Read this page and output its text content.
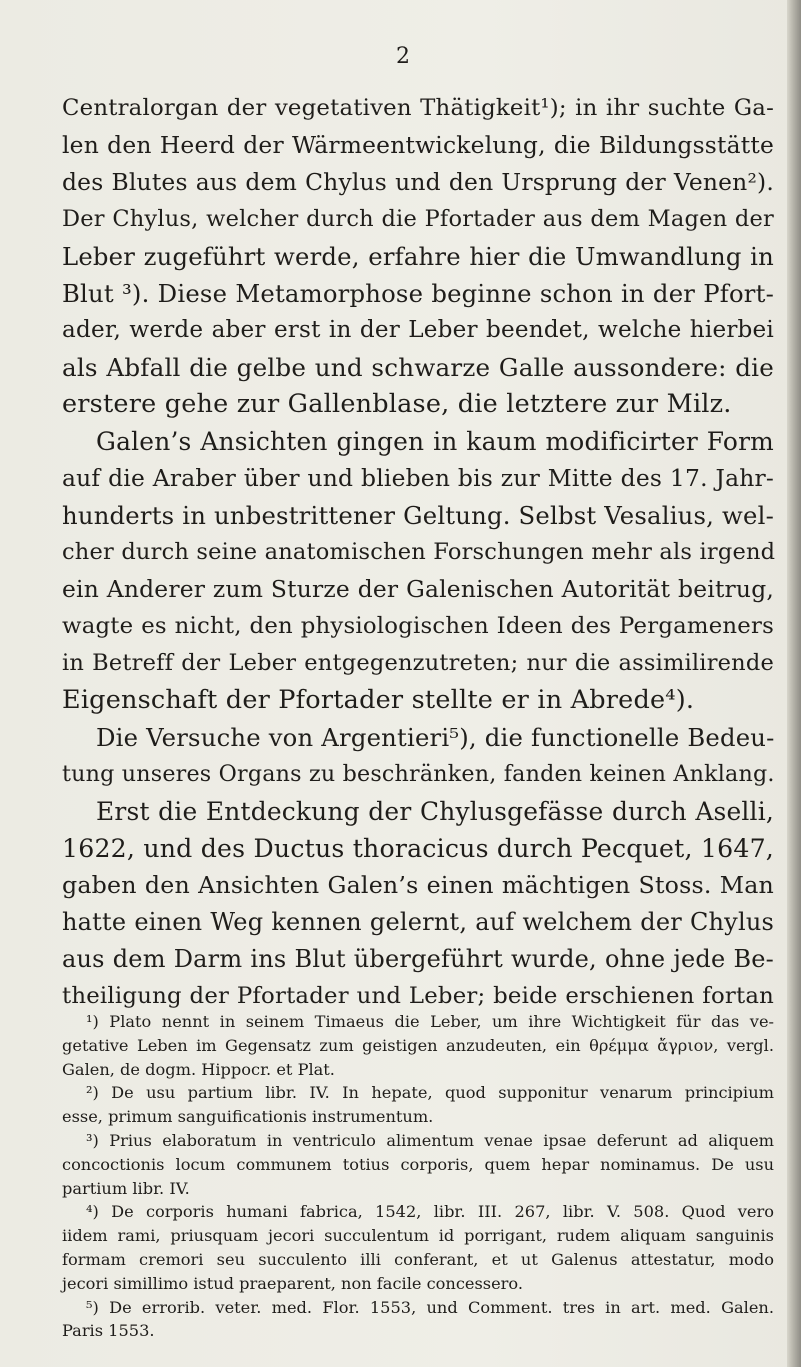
2
Centralorgan der vegetativen Thätigkeit¹); in ihr suchte Ga-
len den Heerd der Wärmeentwickelung, die Bildungsstätte
des Blutes aus dem Chylus und den Ursprung der Venen²).
Der Chylus, welcher durch die Pfortader aus dem Magen der
Leber zugeführt werde, erfahre hier die Umwandlung in
Blut ³). Diese Metamorphose beginne schon in der Pfort-
ader, werde aber erst in der Leber beendet, welche hierbei
als Abfall die gelbe und schwarze Galle aussondere: die
erstere gehe zur Gallenblase, die letztere zur Milz.
Galen’s Ansichten gingen in kaum modificirter Form
auf die Araber über und blieben bis zur Mitte des 17. Jahr-
hunderts in unbestrittener Geltung. Selbst Vesalius, wel-
cher durch seine anatomischen Forschungen mehr als irgend
ein Anderer zum Sturze der Galenischen Autorität beitrug,
wagte es nicht, den physiologischen Ideen des Pergameners
in Betreff der Leber entgegenzutreten; nur die assimilirende
Eigenschaft der Pfortader stellte er in Abrede⁴).
Die Versuche von Argentieri⁵), die functionelle Bedeu-
tung unseres Organs zu beschränken, fanden keinen Anklang.
Erst die Entdeckung der Chylusgefässe durch Aselli,
1622, und des Ductus thoracicus durch Pecquet, 1647,
gaben den Ansichten Galen’s einen mächtigen Stoss. Man
hatte einen Weg kennen gelernt, auf welchem der Chylus
aus dem Darm ins Blut übergeführt wurde, ohne jede Be-
theiligung der Pfortader und Leber; beide erschienen fortan
¹) Plato nennt in seinem Timaeus die Leber, um ihre Wichtigkeit für das ve-
getative Leben im Gegensatz zum geistigen anzudeuten, ein θρέμμα ἄγριον, vergl.
Galen, de dogm. Hippocr. et Plat.
²) De usu partium libr. IV. In hepate, quod supponitur venarum principium
esse, primum sanguificationis instrumentum.
³) Prius elaboratum in ventriculo alimentum venae ipsae deferunt ad aliquem
concoctionis locum communem totius corporis, quem hepar nominamus. De usu
partium libr. IV.
⁴) De corporis humani fabrica, 1542, libr. III. 267, libr. V. 508. Quod vero
iidem rami, priusquam jecori succulentum id porrigant, rudem aliquam sanguinis
formam cremori seu succulento illi conferant, et ut Galenus attestatur, modo
jecori simillimo istud praeparent, non facile concessero.
⁵) De errorib. veter. med. Flor. 1553, und Comment. tres in art. med. Galen.
Paris 1553.
